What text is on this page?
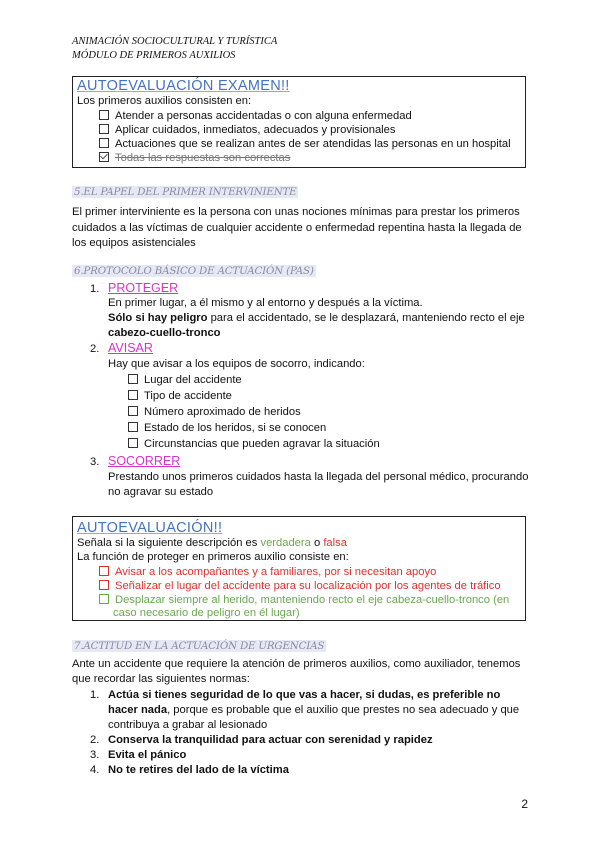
ANIMACIÓN SOCIOCULTURAL Y TURÍSTICA
MÓDULO DE PRIMEROS AUXILIOS
AUTOEVALUACIÓN EXAMEN!!
Los primeros auxilios consisten en:
Atender a personas accidentadas o con alguna enfermedad
Aplicar cuidados, inmediatos, adecuados y provisionales
Actuaciones que se realizan antes de ser atendidas las personas en un hospital
Todas las respuestas son correctas
5.EL PAPEL DEL PRIMER INTERVINIENTE
El primer interviniente es la persona con unas nociones mínimas para prestar los primeros
cuidados a las víctimas de cualquier accidente o enfermedad repentina hasta la llegada de
los equipos asistenciales
6.PROTOCOLO BÁSICO DE ACTUACIÓN (PAS)
1. PROTEGER
En primer lugar, a él mismo y al entorno y después a la víctima.
Sólo si hay peligro para el accidentado, se le desplazará, manteniendo recto el eje
cabezo-cuello-tronco
2. AVISAR
Hay que avisar a los equipos de socorro, indicando:
Lugar del accidente
Tipo de accidente
Número aproximado de heridos
Estado de los heridos, si se conocen
Circunstancias que pueden agravar la situación
3. SOCORRER
Prestando unos primeros cuidados hasta la llegada del personal médico, procurando
no agravar su estado
AUTOEVALUACIÓN!!
Señala si la siguiente descripción es verdadera o falsa
La función de proteger en primeros auxilio consiste en:
Avisar a los acompañantes y a familiares, por si necesitan apoyo
Señalizar el lugar del accidente para su localización por los agentes de tráfico
Desplazar siempre al herido, manteniendo recto el eje cabeza-cuello-tronco (en
caso necesario de peligro en él lugar)
7.ACTITUD EN LA ACTUACIÓN DE URGENCIAS
Ante un accidente que requiere la atención de primeros auxilios, como auxiliador, tenemos
que recordar las siguientes normas:
1. Actúa si tienes seguridad de lo que vas a hacer, si dudas, es preferible no
hacer nada, porque es probable que el auxilio que prestes no sea adecuado y que
contribuya a grabar al lesionado
2. Conserva la tranquilidad para actuar con serenidad y rapidez
3. Evita el pánico
4. No te retires del lado de la víctima
2
